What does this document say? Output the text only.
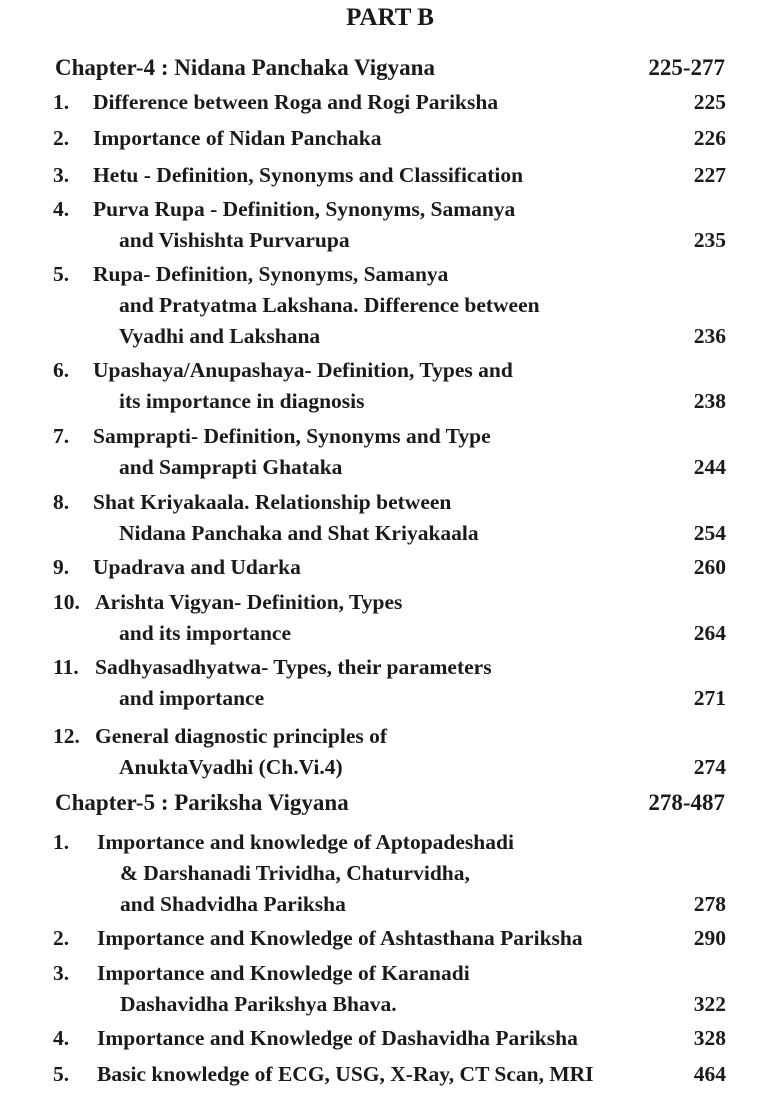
PART B
Chapter-4 : Nidana Panchaka Vigyana	225-277
1. Difference between Roga and Rogi Pariksha	225
2. Importance of Nidan Panchaka	226
3. Hetu - Definition, Synonyms and Classification	227
4. Purva Rupa - Definition, Synonyms, Samanya
and Vishishta Purvarupa	235
5. Rupa- Definition, Synonyms, Samanya
and Pratyatma Lakshana. Difference between
Vyadhi and Lakshana	236
6. Upashaya/Anupashaya- Definition, Types and
its importance in diagnosis	238
7. Samprapti- Definition, Synonyms and Type
and Samprapti Ghataka	244
8. Shat Kriyakaala. Relationship between
Nidana Panchaka and Shat Kriyakaala	254
9. Upadrava and Udarka	260
10. Arishta Vigyan- Definition, Types
and its importance	264
11. Sadhyasadhyatwa- Types, their parameters
and importance	271
12. General diagnostic principles of
AnuktaVyadhi (Ch.Vi.4)	274
Chapter-5 : Pariksha Vigyana	278-487
1. Importance and knowledge of Aptopadeshadi
& Darshanadi Trividha, Chaturvidha,
and Shadvidha Pariksha	278
2. Importance and Knowledge of Ashtasthana Pariksha	290
3. Importance and Knowledge of Karanadi
Dashavidha Parikshya Bhava.	322
4. Importance and Knowledge of Dashavidha Pariksha	328
5. Basic knowledge of ECG, USG, X-Ray, CT Scan, MRI	464
